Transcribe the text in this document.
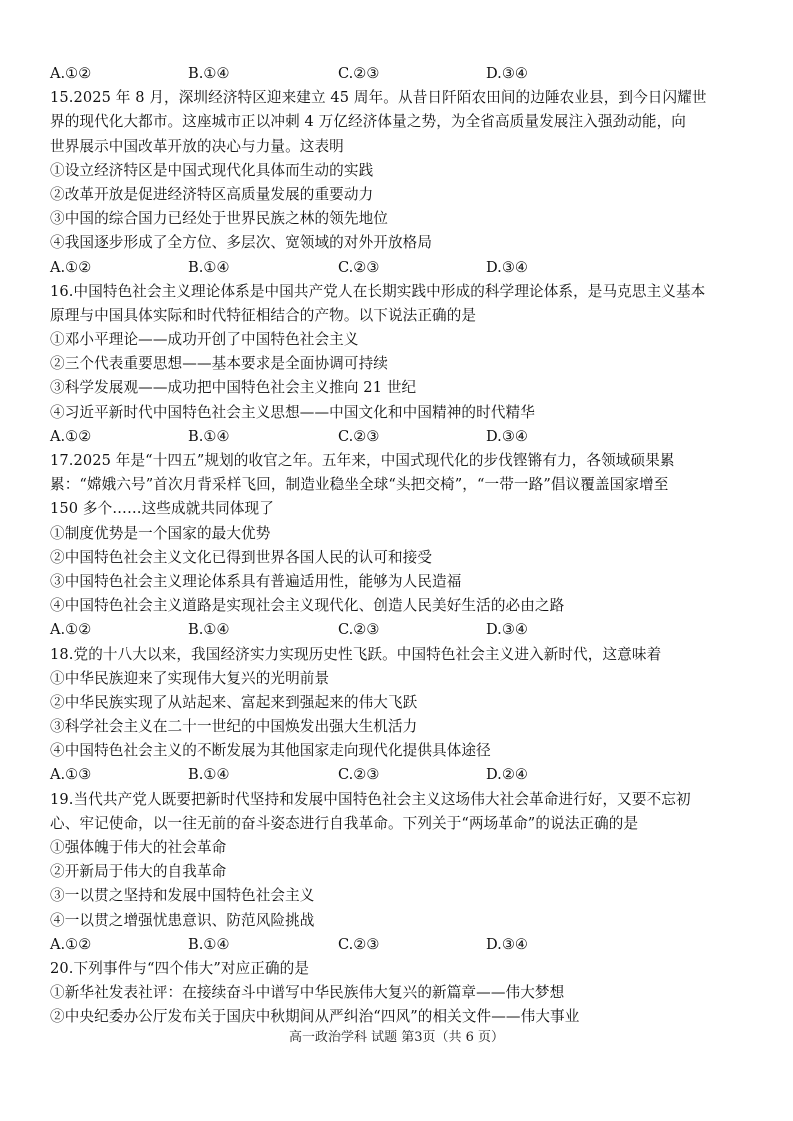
A.①②	B.①④	C.②③	D.③④
15.2025 年 8 月，深圳经济特区迎来建立 45 周年。从昔日阡陌农田间的边陲农业县，到今日闪耀世
界的现代化大都市。这座城市正以冲刺 4 万亿经济体量之势，为全省高质量发展注入强劲动能，向
世界展示中国改革开放的决心与力量。这表明
①设立经济特区是中国式现代化具体而生动的实践
②改革开放是促进经济特区高质量发展的重要动力
③中国的综合国力已经处于世界民族之林的领先地位
④我国逐步形成了全方位、多层次、宽领域的对外开放格局
A.①②	B.①④	C.②③	D.③④
16.中国特色社会主义理论体系是中国共产党人在长期实践中形成的科学理论体系，是马克思主义基本
原理与中国具体实际和时代特征相结合的产物。以下说法正确的是
①邓小平理论——成功开创了中国特色社会主义
②三个代表重要思想——基本要求是全面协调可持续
③科学发展观——成功把中国特色社会主义推向 21 世纪
④习近平新时代中国特色社会主义思想——中国文化和中国精神的时代精华
A.①②	B.①④	C.②③	D.③④
17.2025 年是“十四五”规划的收官之年。五年来，中国式现代化的步伐铿锵有力，各领域硕果累
累：“嫦娥六号”首次月背采样飞回，制造业稳坐全球“头把交椅”，“一带一路”倡议覆盖国家增至
150 多个……这些成就共同体现了
①制度优势是一个国家的最大优势
②中国特色社会主义文化已得到世界各国人民的认可和接受
③中国特色社会主义理论体系具有普遍适用性，能够为人民造福
④中国特色社会主义道路是实现社会主义现代化、创造人民美好生活的必由之路
A.①②	B.①④	C.②③	D.③④
18.党的十八大以来，我国经济实力实现历史性飞跃。中国特色社会主义进入新时代，这意味着
①中华民族迎来了实现伟大复兴的光明前景
②中华民族实现了从站起来、富起来到强起来的伟大飞跃
③科学社会主义在二十一世纪的中国焕发出强大生机活力
④中国特色社会主义的不断发展为其他国家走向现代化提供具体途径
A.①③	B.①④	C.②③	D.②④
19.当代共产党人既要把新时代坚持和发展中国特色社会主义这场伟大社会革命进行好，又要不忘初
心、牢记使命，以一往无前的奋斗姿态进行自我革命。下列关于“两场革命”的说法正确的是
①强体魄于伟大的社会革命
②开新局于伟大的自我革命
③一以贯之坚持和发展中国特色社会主义
④一以贯之增强忧患意识、防范风险挑战
A.①②	B.①④	C.②③	D.③④
20.下列事件与“四个伟大”对应正确的是
①新华社发表社评：在接续奋斗中谱写中华民族伟大复兴的新篇章——伟大梦想
②中央纪委办公厅发布关于国庆中秋期间从严纠治“四风”的相关文件——伟大事业
高一政治学科 试题 第3页（共 6 页）
